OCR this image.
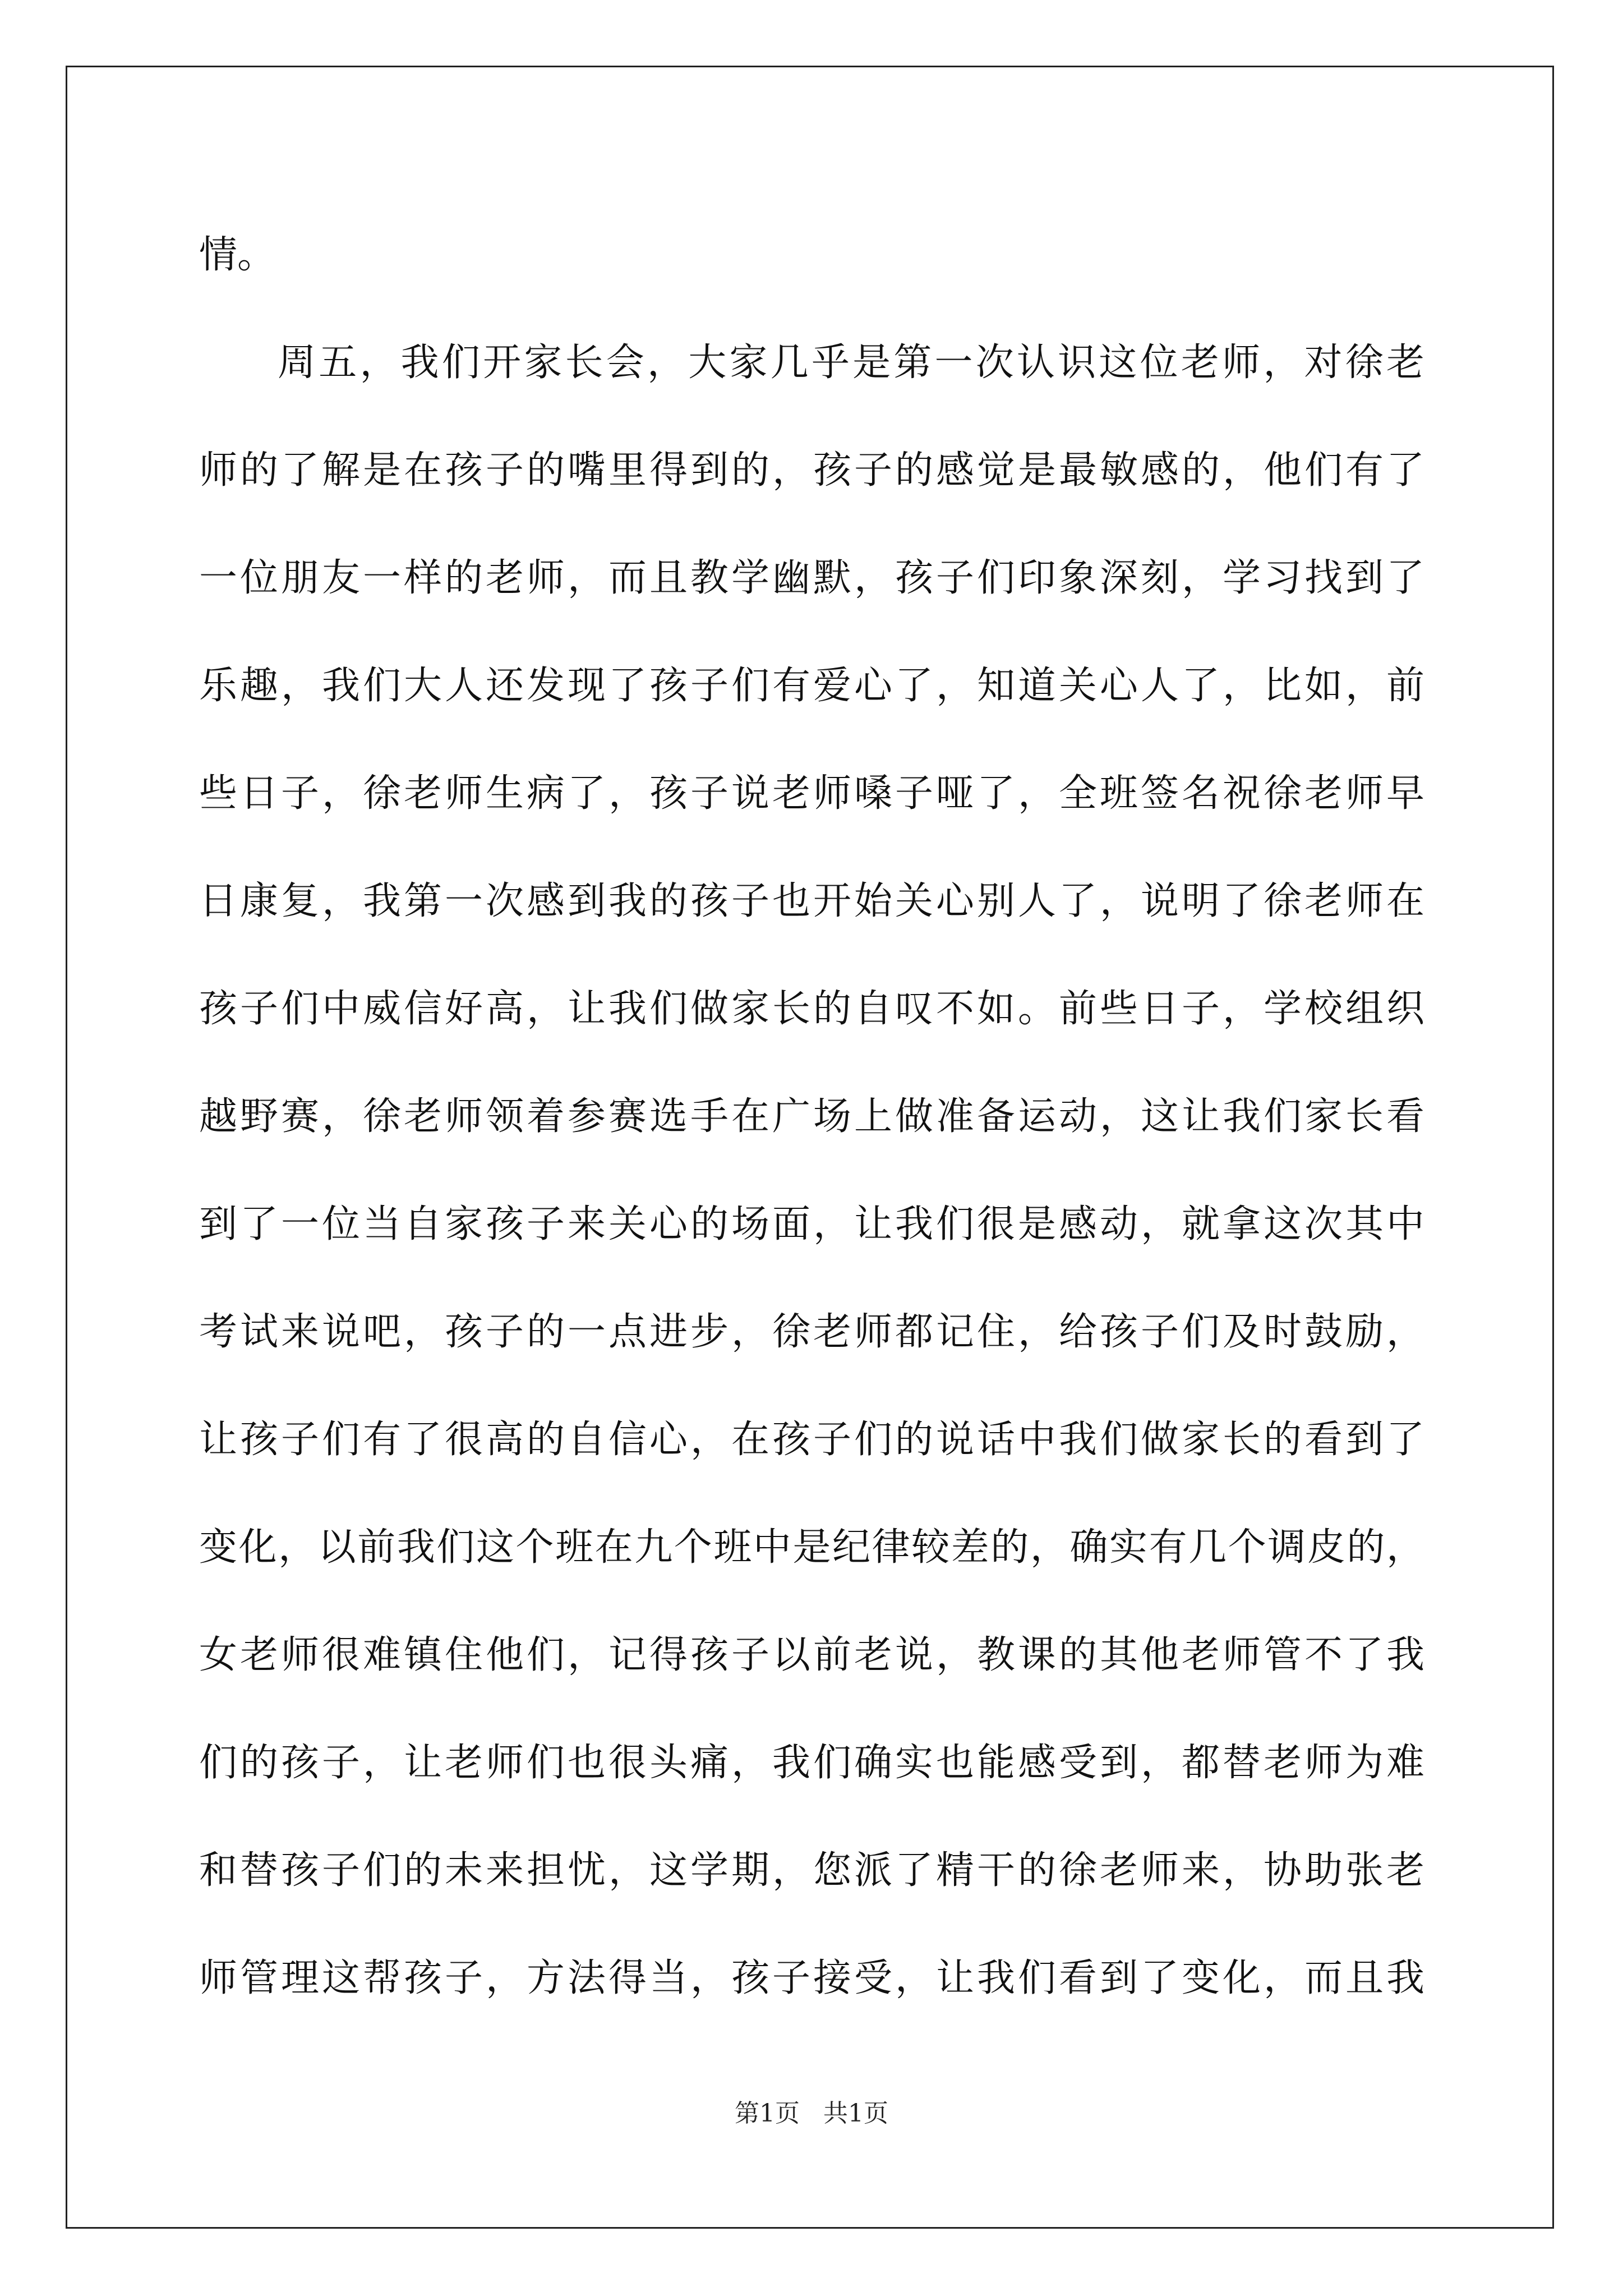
情。
周五，我们开家长会，大家几乎是第一次认识这位老师，对徐老
师的了解是在孩子的嘴里得到的，孩子的感觉是最敏感的，他们有了
一位朋友一样的老师，而且教学幽默，孩子们印象深刻，学习找到了
乐趣，我们大人还发现了孩子们有爱心了，知道关心人了，比如，前
些日子，徐老师生病了，孩子说老师嗓子哑了，全班签名祝徐老师早
日康复，我第一次感到我的孩子也开始关心别人了，说明了徐老师在
孩子们中威信好高，让我们做家长的自叹不如。前些日子，学校组织
越野赛，徐老师领着参赛选手在广场上做准备运动，这让我们家长看
到了一位当自家孩子来关心的场面，让我们很是感动，就拿这次其中
考试来说吧，孩子的一点进步，徐老师都记住，给孩子们及时鼓励，
让孩子们有了很高的自信心，在孩子们的说话中我们做家长的看到了
变化，以前我们这个班在九个班中是纪律较差的，确实有几个调皮的，
女老师很难镇住他们，记得孩子以前老说，教课的其他老师管不了我
们的孩子，让老师们也很头痛，我们确实也能感受到，都替老师为难
和替孩子们的未来担忧，这学期，您派了精干的徐老师来，协助张老
师管理这帮孩子，方法得当，孩子接受，让我们看到了变化，而且我
第1页   共1页
